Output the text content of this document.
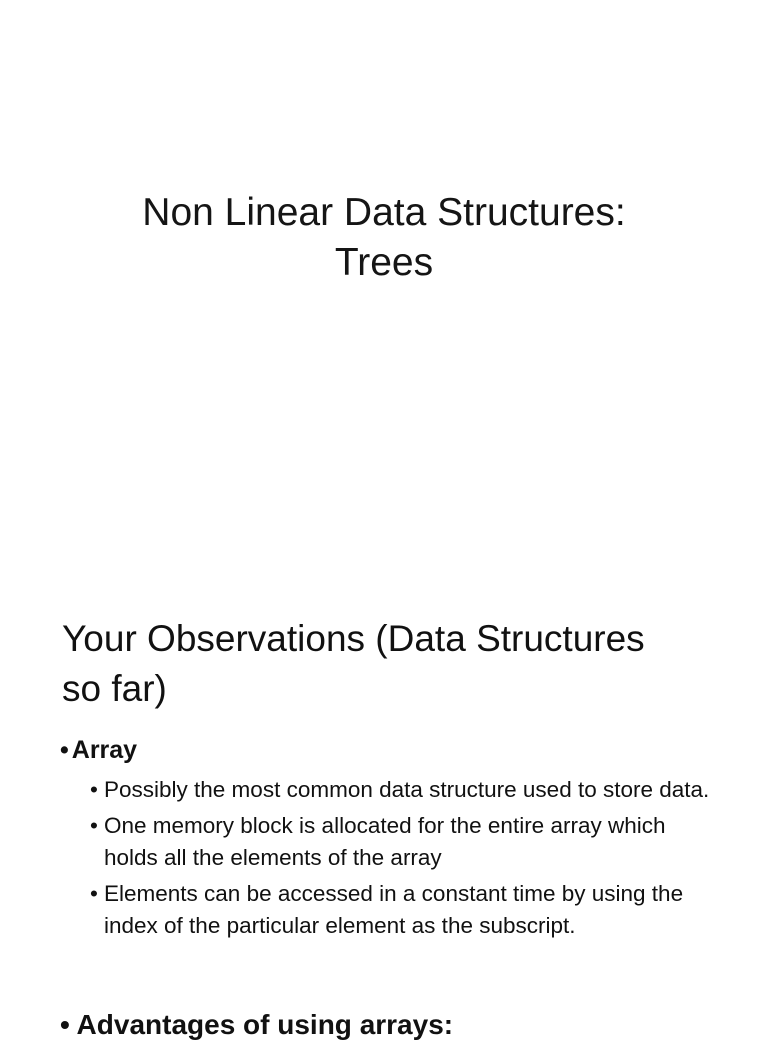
Non Linear Data Structures:
Trees
Your Observations (Data Structures
so far)
• Array
• Possibly the most common data structure used to store data.
• One memory block is allocated for the entire array which holds all the elements of the array
• Elements can be accessed in a constant time by using the index of the particular element as the subscript.
• Advantages of using arrays:
